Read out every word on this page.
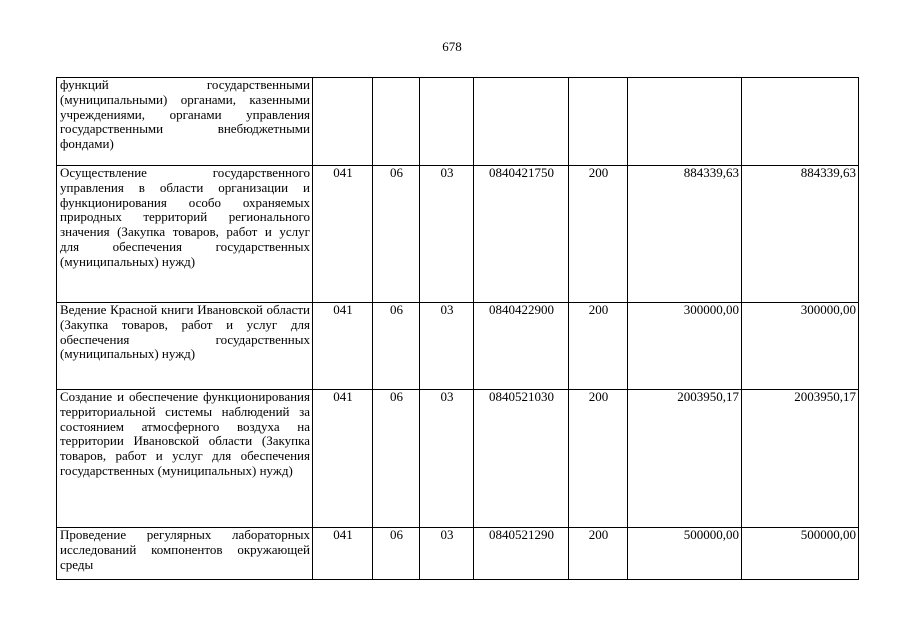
678
функций государственными (муниципальными) органами, казенными учреждениями, органами управления государственными внебюджетными фондами)							
Осуществление государственного управления в области организации и функционирования особо охраняемых природных территорий регионального значения (Закупка товаров, работ и услуг для обеспечения государственных (муниципальных) нужд)	041	06	03	0840421750	200	884339,63	884339,63
Ведение Красной книги Ивановской области (Закупка товаров, работ и услуг для обеспечения государственных (муниципальных) нужд)	041	06	03	0840422900	200	300000,00	300000,00
Создание и обеспечение функционирования территориальной системы наблюдений за состоянием атмосферного воздуха на территории Ивановской области (Закупка товаров, работ и услуг для обеспечения государственных (муниципальных) нужд)	041	06	03	0840521030	200	2003950,17	2003950,17
Проведение регулярных лабораторных исследований компонентов окружающей среды	041	06	03	0840521290	200	500000,00	500000,00
